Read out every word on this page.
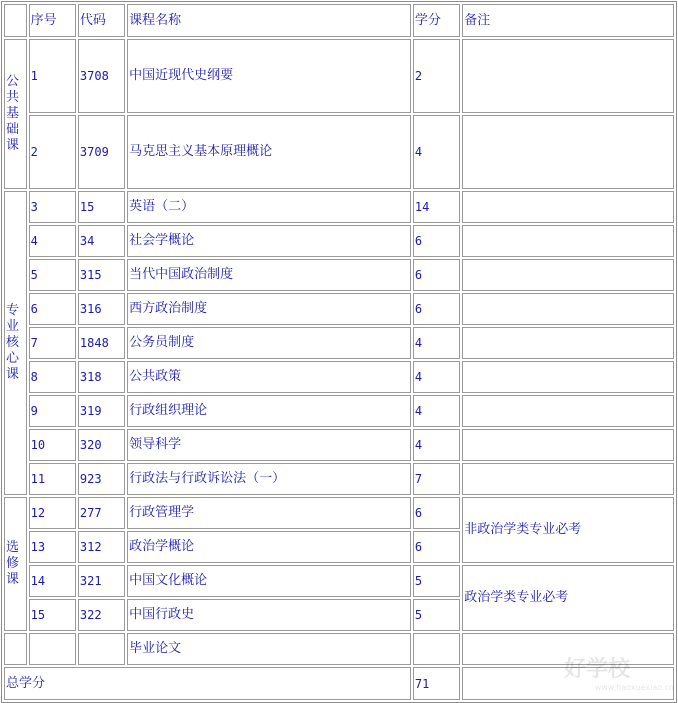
	序号	代码	课程名称	学分	备注

公共基础课	1	3708	中国近现代史纲要	2	
	2	3709	马克思主义基本原理概论	4	

专业核心课	3	15	英语（二）	14	
	4	34	社会学概论	6	
	5	315	当代中国政治制度	6	
	6	316	西方政治制度	6	
	7	1848	公务员制度	4	
	8	318	公共政策	4	
	9	319	行政组织理论	4	
	10	320	领导科学	4	
	11	923	行政法与行政诉讼法（一）	7	

选修课	12	277	行政管理学	6	非政治学类专业必考
	13	312	政治学概论	6	
	14	321	中国文化概论	5	政治学类专业必考
	15	322	中国行政史	5	
			毕业论文		
总学分				71	
